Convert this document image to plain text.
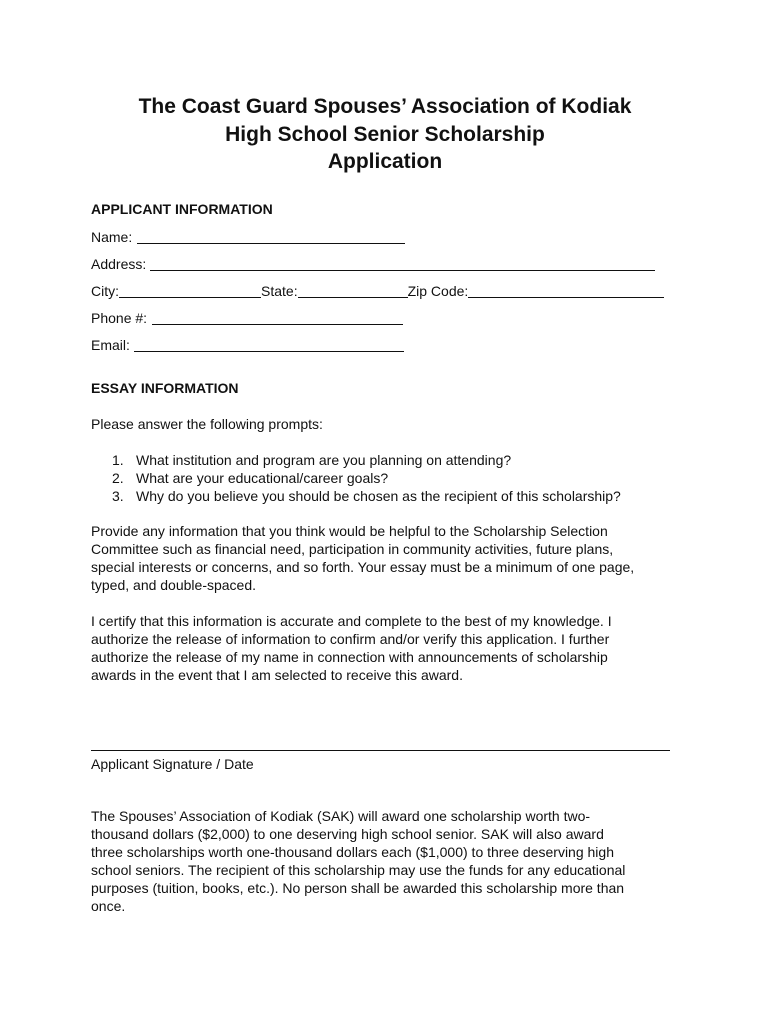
The Coast Guard Spouses’ Association of Kodiak
High School Senior Scholarship
Application
APPLICANT INFORMATION
Name:
Address:
City:	State:	Zip Code:
Phone #:
Email:
ESSAY INFORMATION
Please answer the following prompts:
1. What institution and program are you planning on attending?
2. What are your educational/career goals?
3. Why do you believe you should be chosen as the recipient of this scholarship?
Provide any information that you think would be helpful to the Scholarship Selection
Committee such as financial need, participation in community activities, future plans,
special interests or concerns, and so forth. Your essay must be a minimum of one page,
typed, and double-spaced.
I certify that this information is accurate and complete to the best of my knowledge. I
authorize the release of information to confirm and/or verify this application. I further
authorize the release of my name in connection with announcements of scholarship
awards in the event that I am selected to receive this award.
Applicant Signature / Date
The Spouses’ Association of Kodiak (SAK) will award one scholarship worth two-
thousand dollars ($2,000) to one deserving high school senior. SAK will also award
three scholarships worth one-thousand dollars each ($1,000) to three deserving high
school seniors. The recipient of this scholarship may use the funds for any educational
purposes (tuition, books, etc.). No person shall be awarded this scholarship more than
once.
